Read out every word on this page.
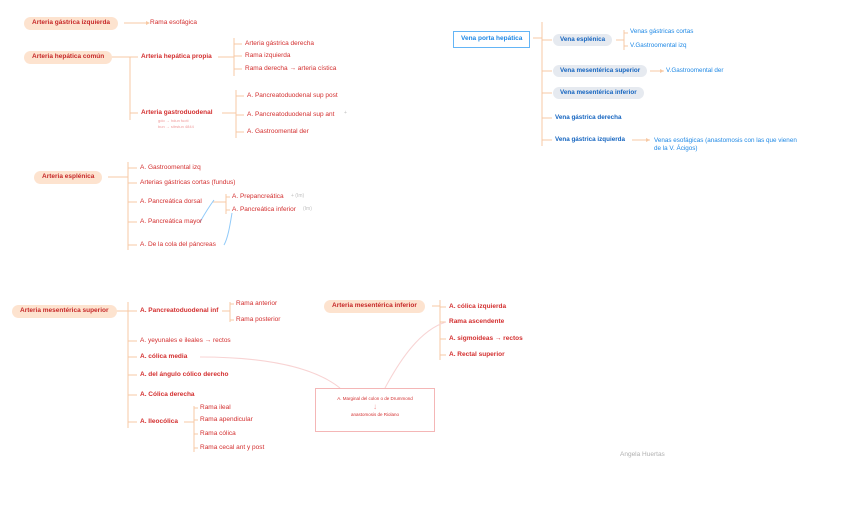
Arteria gástrica izquierda	Rama esofágica
Arteria hepática común	Arteria hepática propia
Arteria gástrica derecha
Rama izquierda
Rama derecha → arteria cística
Arteria gastroduodenal
gdo → hdun fuoti
bun → sitrstun 4844
A. Pancreatoduodenal sup post
A. Pancreatoduodenal sup ant +
A. Gastroomental der
Arteria esplénica
A. Gastroomental izq
Arterias gástricas cortas (fundus)
A. Pancreática dorsal
A. Prepancreática + (Im)
A. Pancreática inferior (Im)
A. Pancreática mayor
A. De la cola del páncreas
Vena porta hepática	Vena esplénica
Venas gástricas cortas
V.Gastroomental izq
Vena mesentérica superior	V.Gastroomental der
Vena mesentérica inferior
Vena gástrica derecha
Vena gástrica izquierda	Venas esofágicas (anastomosis con las que vienen de la V. Ácigos)
Arteria mesentérica superior	A. Pancreatoduodenal inf
Rama anterior
Rama posterior
A. yeyunales e ileales → rectos
A. cólica media
A. del ángulo cólico derecho
A. Cólica derecha
A. Ileocólica
Rama ileal
Rama apendicular
Rama cólica
Rama cecal ant y post
Arteria mesentérica inferior	A. cólica izquierda
Rama ascendente
A. sigmoideas → rectos
A. Rectal superior
A. Marginal del colon o de Drummond
↓
anastomosis de Riolano
Angela Huertas
